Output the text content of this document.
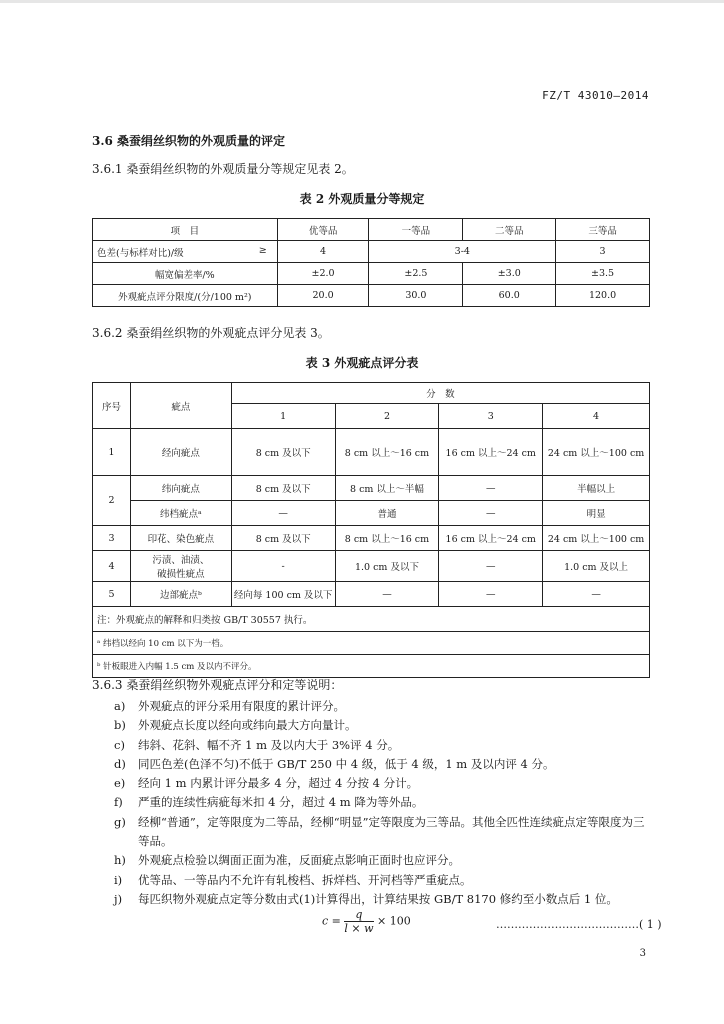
FZ/T 43010—2014
3.6 桑蚕绢丝织物的外观质量的评定
3.6.1 桑蚕绢丝织物的外观质量分等规定见表 2。
表 2 外观质量分等规定
项　目	优等品	一等品	二等品	三等品
色差(与标样对比)/级 ≥	4	3-4		3
幅宽偏差率/%	±2.0	±2.5	±3.0	±3.5
外观疵点评分限度/(分/100 m²)	20.0	30.0	60.0	120.0
3.6.2 桑蚕绢丝织物的外观疵点评分见表 3。
表 3 外观疵点评分表
序号	疵点	分　数			
		1	2	3	4
1	经向疵点	8 cm 及以下	8 cm 以上～16 cm	16 cm 以上～24 cm	24 cm 以上～100 cm
2	纬向疵点	8 cm 及以下	8 cm 以上～半幅	—	半幅以上
	纬档疵点ᵃ	—	普通	—	明显
3	印花、染色疵点	8 cm 及以下	8 cm 以上～16 cm	16 cm 以上～24 cm	24 cm 以上～100 cm
4	污渍、油渍、
破损性疵点	-	1.0 cm 及以下	—	1.0 cm 及以上
5	边部疵点ᵇ	经向每 100 cm 及以下	—	—	—
注：外观疵点的解释和归类按 GB/T 30557 执行。					
ᵃ 纬档以经向 10 cm 以下为一档。					
ᵇ 针板眼进入内幅 1.5 cm 及以内不评分。					
3.6.3 桑蚕绢丝织物外观疵点评分和定等说明：
a)	外观疵点的评分采用有限度的累计评分。
b)	外观疵点长度以经向或纬向最大方向量计。
c)	纬斜、花斜、幅不齐 1 m 及以内大于 3%评 4 分。
d)	同匹色差(色泽不匀)不低于 GB/T 250 中 4 级，低于 4 级，1 m 及以内评 4 分。
e)	经向 1 m 内累计评分最多 4 分，超过 4 分按 4 分计。
f)	严重的连续性病疵每米扣 4 分，超过 4 m 降为等外品。
g)	经柳“普通”，定等限度为二等品，经柳“明显”定等限度为三等品。其他全匹性连续疵点定等限度为三等品。
h)	外观疵点检验以绸面正面为准，反面疵点影响正面时也应评分。
i)	优等品、一等品内不允许有轧梭档、拆烊档、开河档等严重疵点。
j)	每匹织物外观疵点定等分数由式(1)计算得出，计算结果按 GB/T 8170 修约至小数点后 1 位。
$c = \frac{q}{l \times w} \times 100$	…………………………………( 1 )
3
